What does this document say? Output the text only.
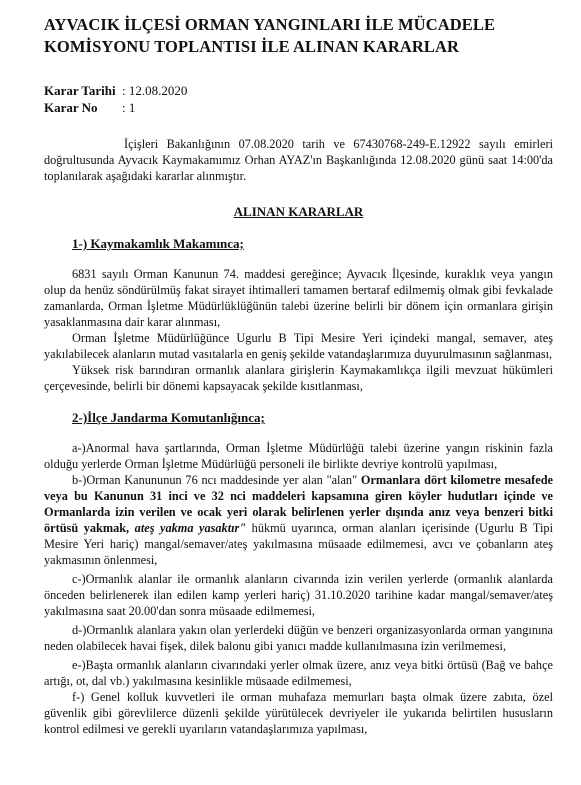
AYVACIK İLÇESİ ORMAN YANGINLARI İLE MÜCADELE
KOMİSYONU TOPLANTISI İLE ALINAN KARARLAR
Karar Tarihi : 12.08.2020
Karar No	: 1
İçişleri Bakanlığının 07.08.2020 tarih ve 67430768-249-E.12922 sayılı emirleri doğrultusunda Ayvacık Kaymakamımız Orhan AYAZ'ın Başkanlığında 12.08.2020 günü saat 14:00'da toplanılarak aşağıdaki kararlar alınmıştır.
ALINAN KARARLAR
1-) Kaymakamlık Makamınca;
6831 sayılı Orman Kanunun 74. maddesi gereğince; Ayvacık İlçesinde, kuraklık veya yangın olup da henüz söndürülmüş fakat sirayet ihtimalleri tamamen bertaraf edilmemiş olmak gibi fevkalade zamanlarda, Orman İşletme Müdürlüklüğünün talebi üzerine belirli bir dönem için ormanlara girişin yasaklanmasına dair karar alınması,
Orman İşletme Müdürlüğünce Ugurlu B Tipi Mesire Yeri içindeki mangal, semaver, ateş yakılabilecek alanların mutad vasıtalarla en geniş şekilde vatandaşlarımıza duyurulmasının sağlanması,
Yüksek risk barındıran ormanlık alanlara girişlerin Kaymakamlıkça ilgili mevzuat hükümleri çerçevesinde, belirli bir dönemi kapsayacak şekilde kısıtlanması,
2-)İlçe Jandarma Komutanlığınca;
a-)Anormal hava şartlarında, Orman İşletme Müdürlüğü talebi üzerine yangın riskinin fazla olduğu yerlerde Orman İşletme Müdürlüğü personeli ile birlikte devriye kontrolü yapılması,
b-)Orman Kanununun 76 ncı maddesinde yer alan "alan" Ormanlara dört kilometre mesafede veya bu Kanunun 31 inci ve 32 nci maddeleri kapsamına giren köyler hudutları içinde ve Ormanlarda izin verilen ve ocak yeri olarak belirlenen yerler dışında anız veya benzeri bitki örtüsü yakmak, ateş yakma yasaktır" hükmü uyarınca, orman alanları içerisinde (Ugurlu B Tipi Mesire Yeri hariç) mangal/semaver/ateş yakılmasına müsaade edilmemesi, avcı ve çobanların ateş yakmasının önlenmesi,
c-)Ormanlık alanlar ile ormanlık alanların civarında izin verilen yerlerde (ormanlık alanlarda önceden belirlenerek ilan edilen kamp yerleri hariç) 31.10.2020 tarihine kadar mangal/semaver/ateş yakılmasına saat 20.00'dan sonra müsaade edilmemesi,
d-)Ormanlık alanlara yakın olan yerlerdeki düğün ve benzeri organizasyonlarda orman yangınına neden olabilecek havai fişek, dilek balonu gibi yanıcı madde kullanılmasına izin verilmemesi,
e-)Başta ormanlık alanların civarındaki yerler olmak üzere, anız veya bitki örtüsü (Bağ ve bahçe artığı, ot, dal vb.) yakılmasına kesinlikle müsaade edilmemesi,
f-) Genel kolluk kuvvetleri ile orman muhafaza memurları başta olmak üzere zabıta, özel güvenlik gibi görevlilerce düzenli şekilde yürütülecek devriyeler ile yukarıda belirtilen hususların kontrol edilmesi ve gerekli uyarıların vatandaşlarımıza yapılması,
